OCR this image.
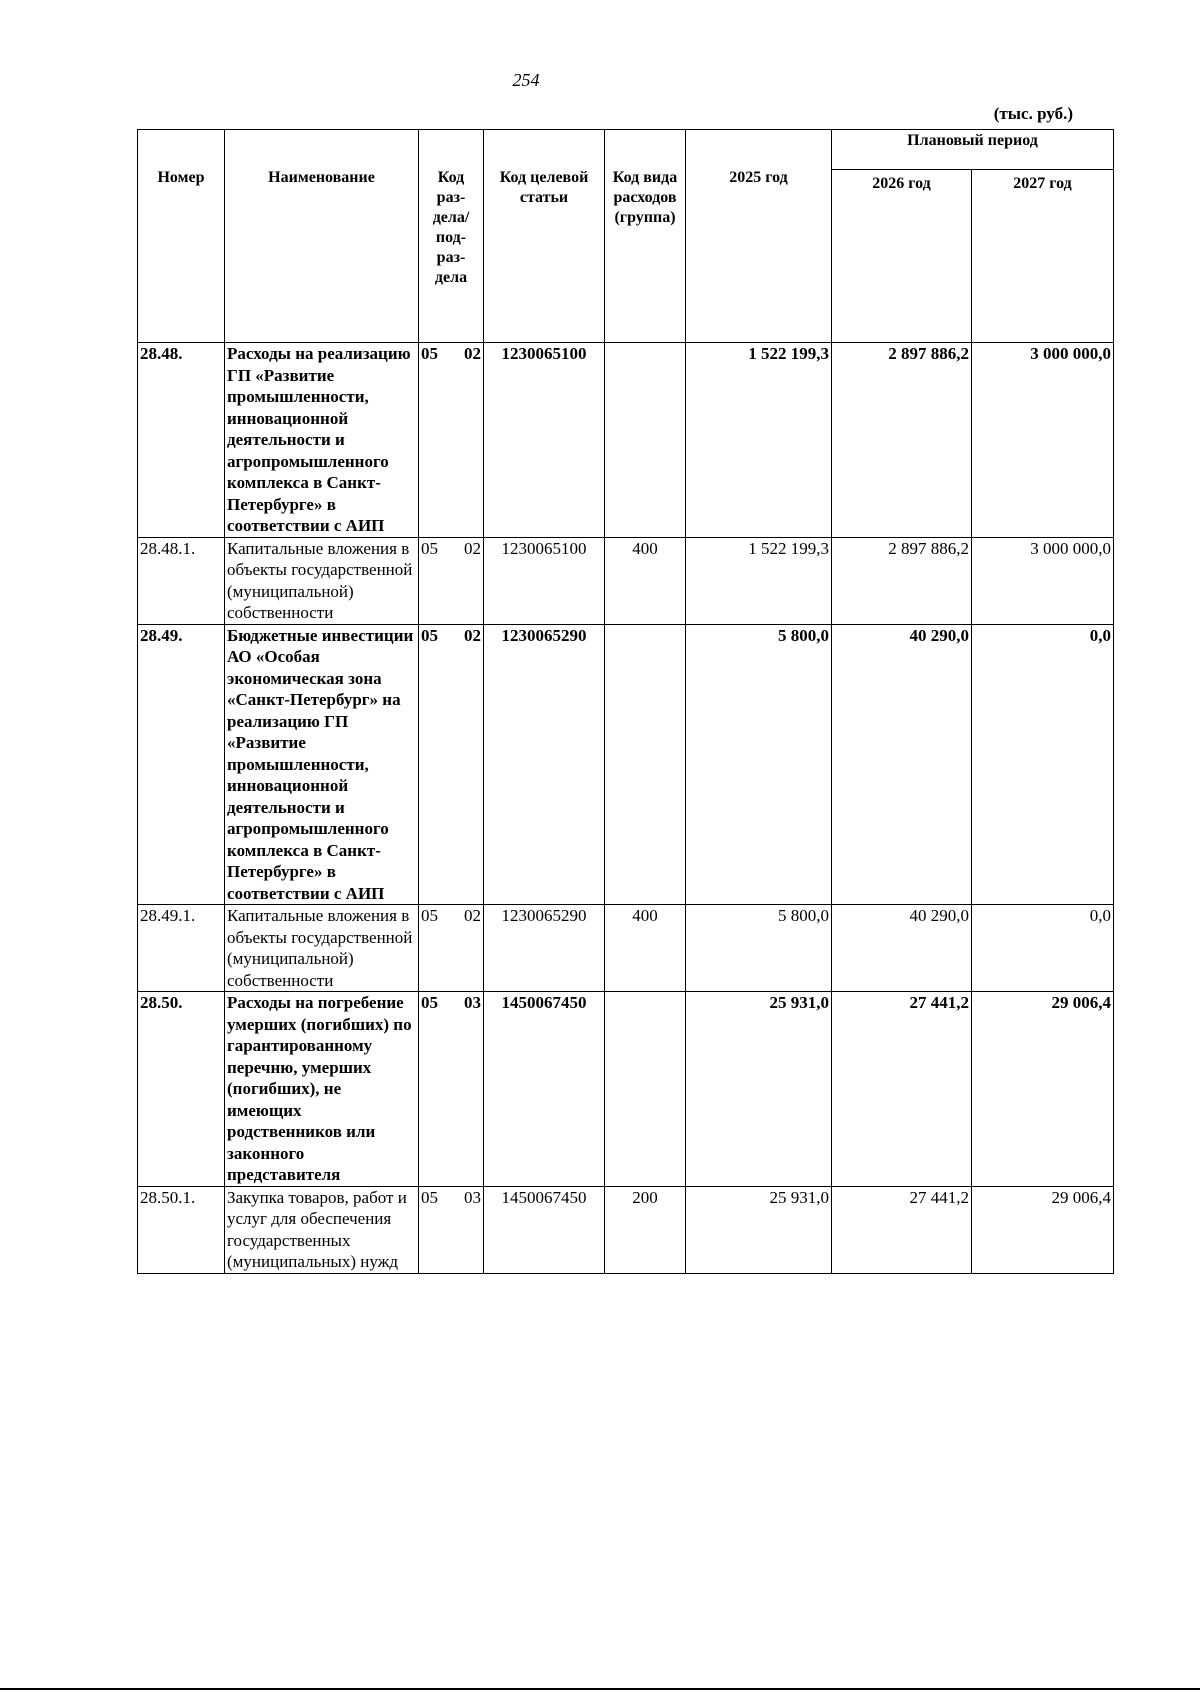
254
(тыс. руб.)
Номер	Наименование	Код раз- дела/ под- раз- дела	Код целевой статьи	Код вида расходов (группа)	2025 год	Плановый период	
						2026 год	2027 год
28.48.	Расходы на реализацию ГП «Развитие промышленности, инновационной деятельности и агропромышленного комплекса в Санкт-Петербурге» в соответствии с АИП	05 02	1230065100		1 522 199,3	2 897 886,2	3 000 000,0
28.48.1.	Капитальные вложения в объекты государственной (муниципальной) собственности	05 02	1230065100	400	1 522 199,3	2 897 886,2	3 000 000,0
28.49.	Бюджетные инвестиции АО «Особая экономическая зона «Санкт-Петербург» на реализацию ГП «Развитие промышленности, инновационной деятельности и агропромышленного комплекса в Санкт-Петербурге» в соответствии с АИП	05 02	1230065290		5 800,0	40 290,0	0,0
28.49.1.	Капитальные вложения в объекты государственной (муниципальной) собственности	05 02	1230065290	400	5 800,0	40 290,0	0,0
28.50.	Расходы на погребение умерших (погибших) по гарантированному перечню, умерших (погибших), не имеющих родственников или законного представителя	05 03	1450067450		25 931,0	27 441,2	29 006,4
28.50.1.	Закупка товаров, работ и услуг для обеспечения государственных (муниципальных) нужд	05 03	1450067450	200	25 931,0	27 441,2	29 006,4
